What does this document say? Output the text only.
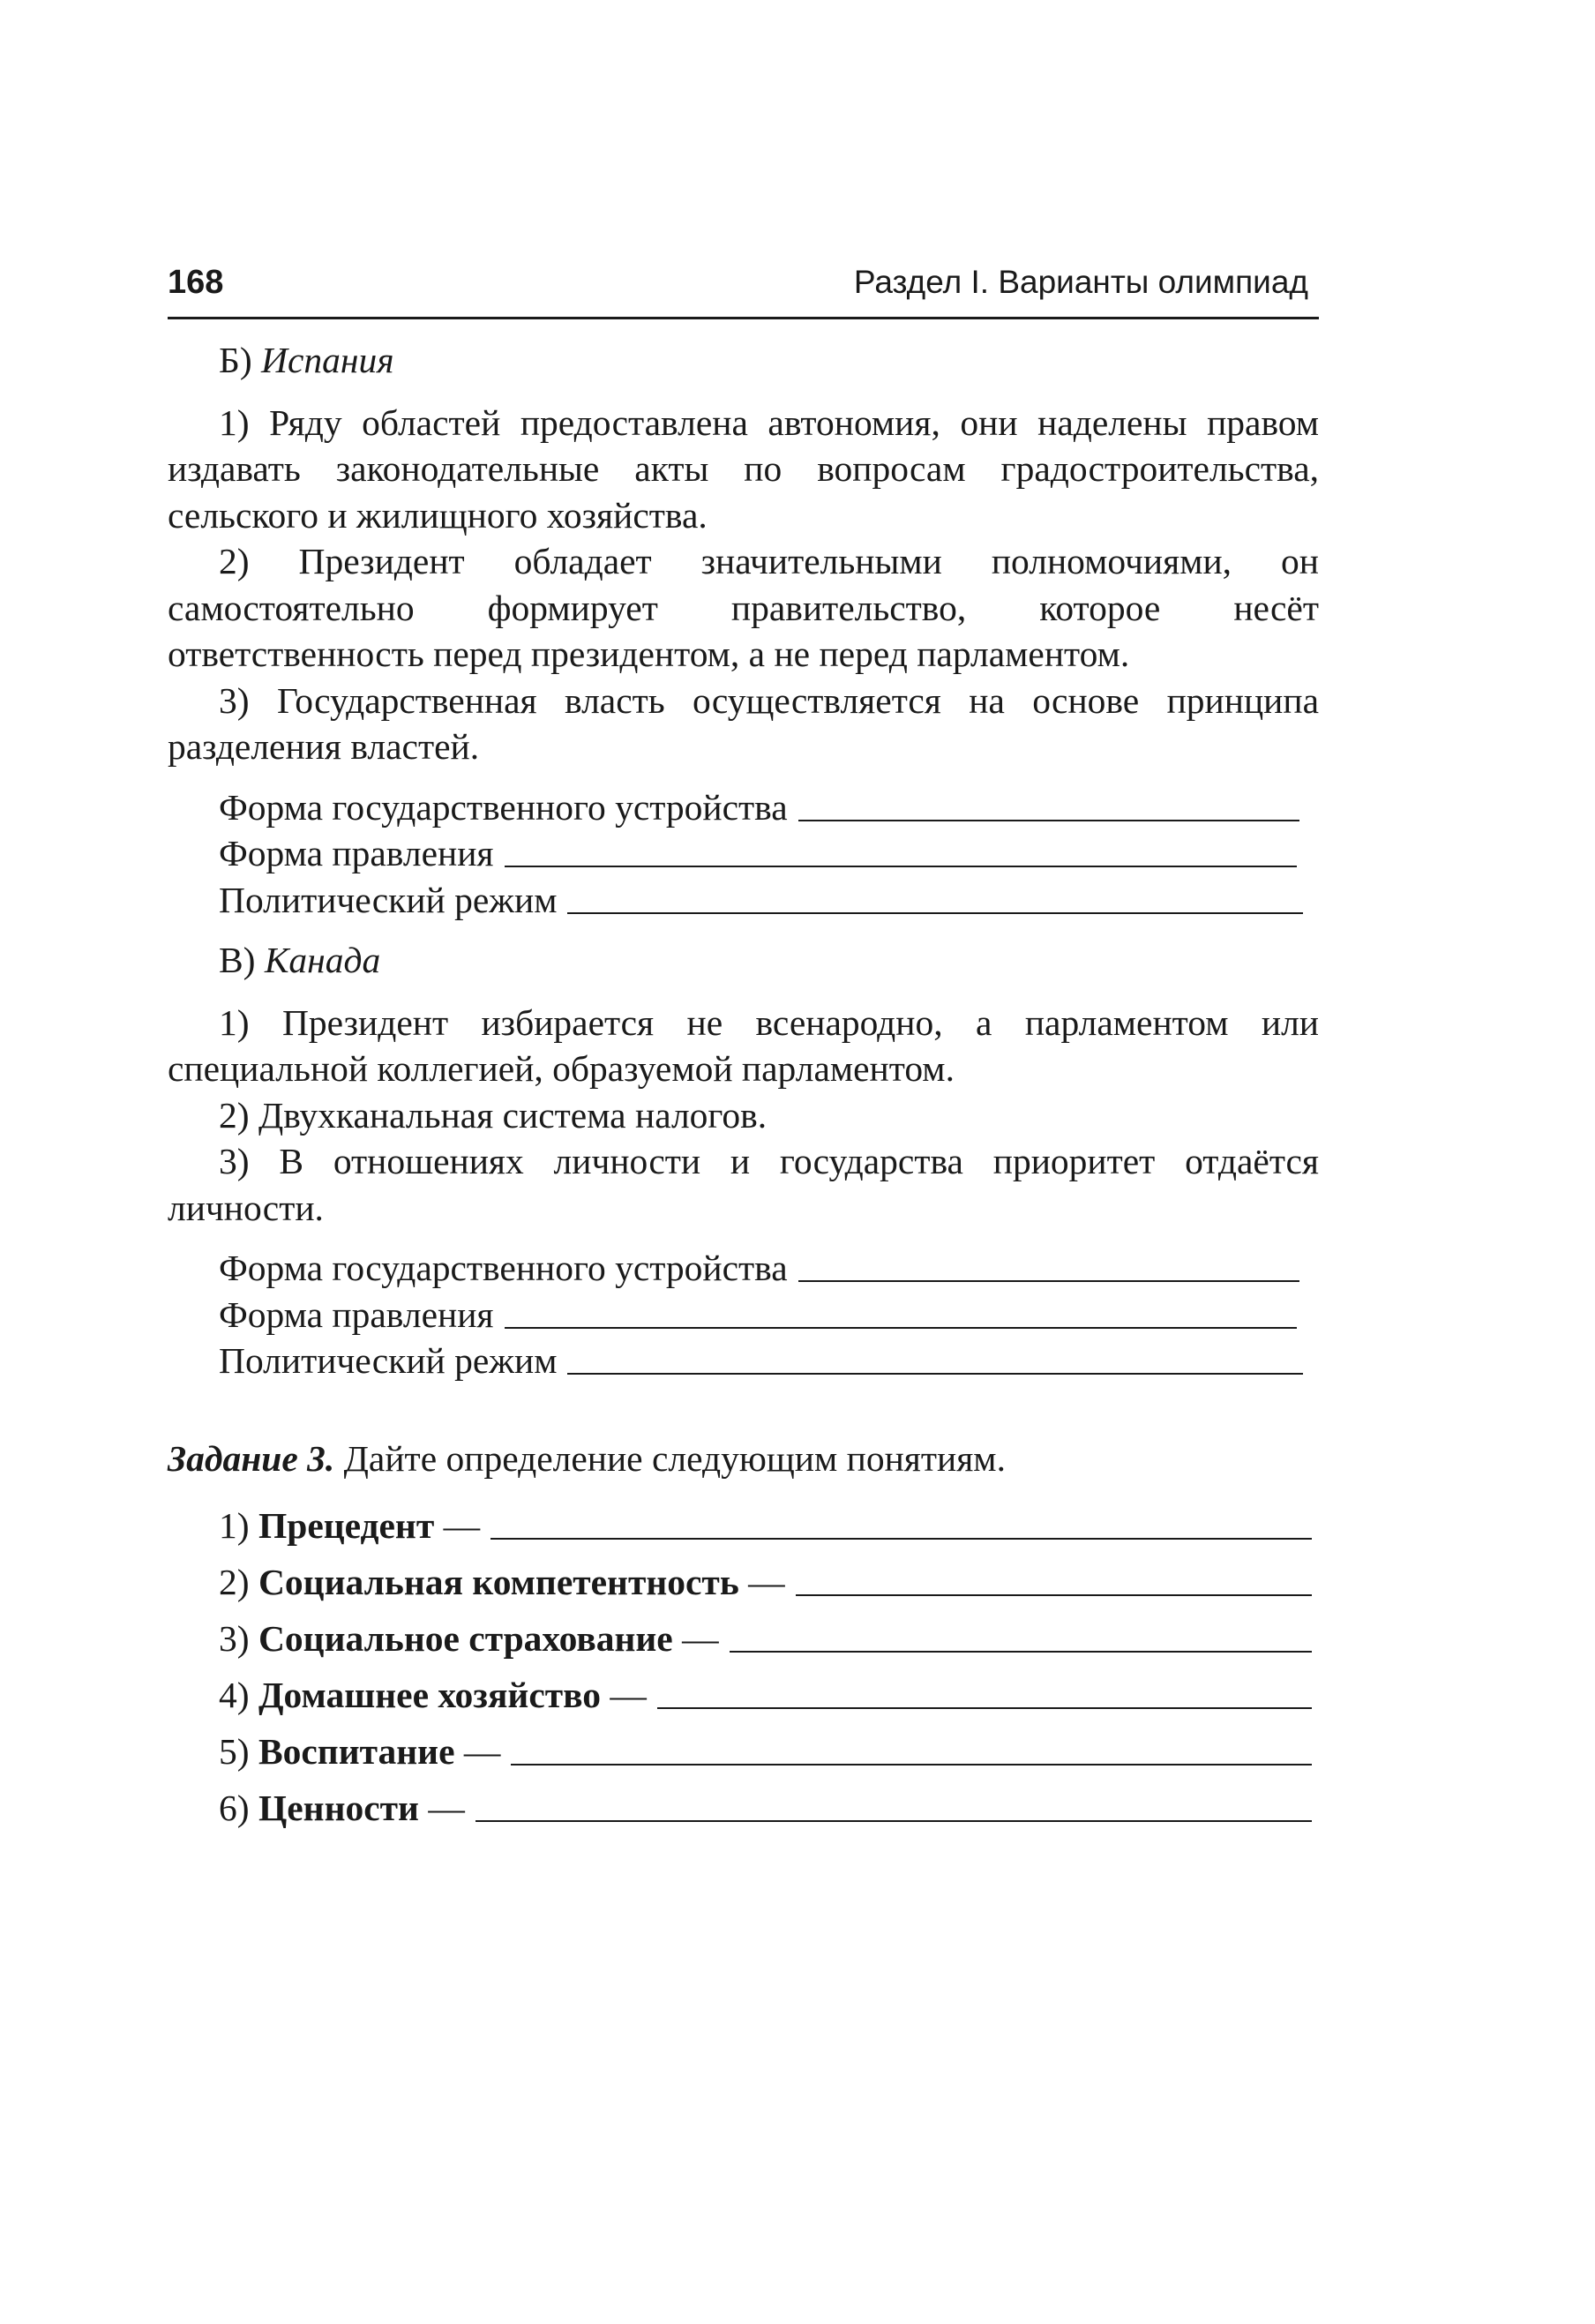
168	Раздел I. Варианты олимпиад

Б) Испания

1) Ряду областей предоставлена автономия, они наделены правом издавать законодательные акты по вопросам градостроительства, сельского и жилищного хозяйства.

2) Президент обладает значительными полномочиями, он самостоятельно формирует правительство, которое несёт ответственность перед президентом, а не перед парламентом.

3) Государственная власть осуществляется на основе принципа разделения властей.

Форма государственного устройства

Форма правления

Политический режим

В) Канада

1) Президент избирается не всенародно, а парламентом или специальной коллегией, образуемой парламентом.

2) Двухканальная система налогов.

3) В отношениях личности и государства приоритет отдаётся личности.

Форма государственного устройства

Форма правления

Политический режим

Задание 3. Дайте определение следующим понятиям.

1) Прецедент —

2) Социальная компетентность —

3) Социальное страхование —

4) Домашнее хозяйство —

5) Воспитание —

6) Ценности —
